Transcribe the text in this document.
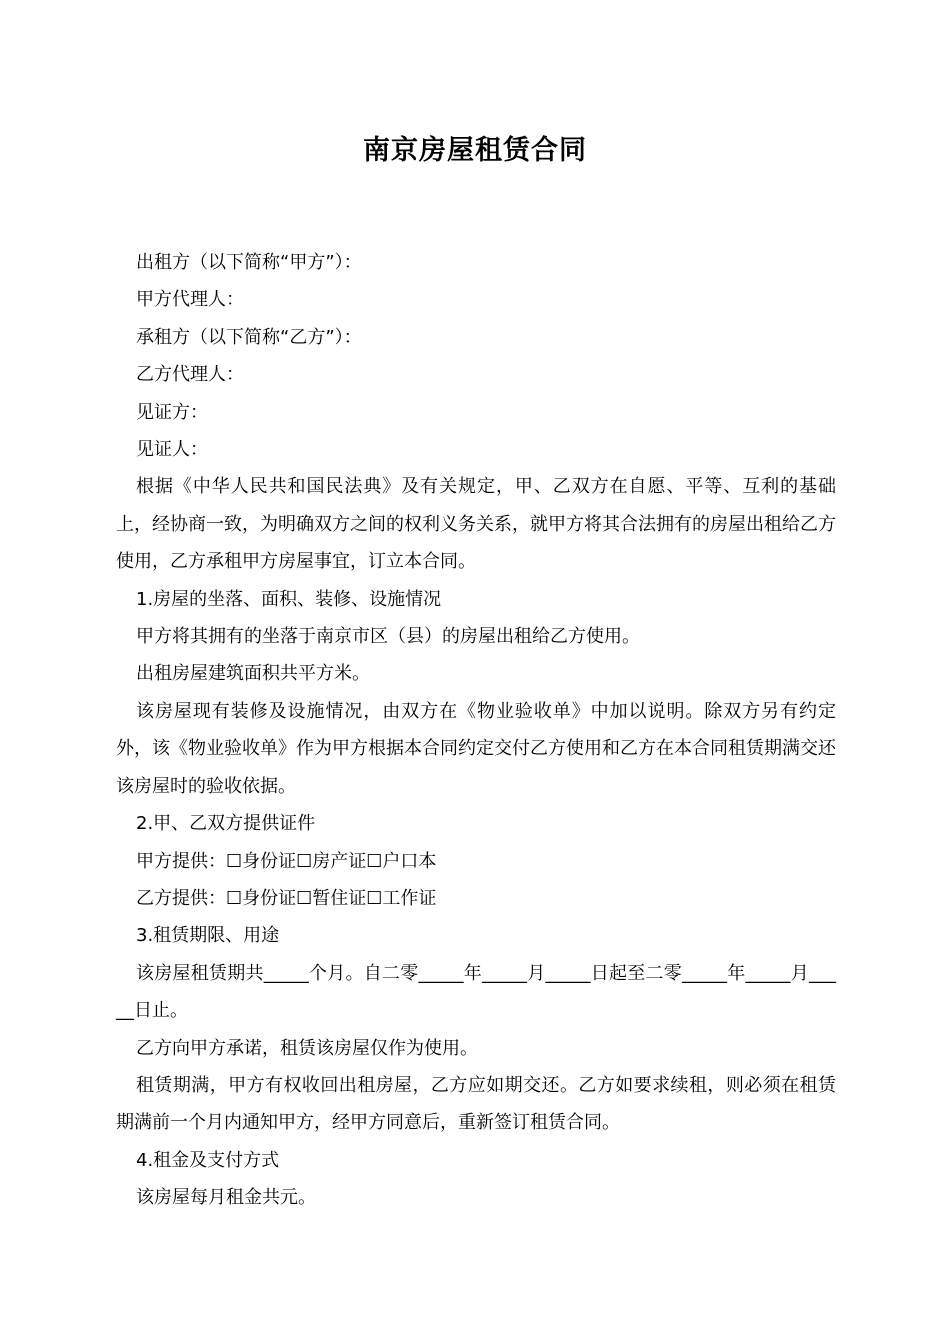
南京房屋租赁合同

出租方（以下简称“甲方”）：

甲方代理人：

承租方（以下简称“乙方”）：

乙方代理人：

见证方：

见证人：

根据《中华人民共和国民法典》及有关规定，甲、乙双方在自愿、平等、互利的基础上，经协商一致，为明确双方之间的权利义务关系，就甲方将其合法拥有的房屋出租给乙方使用，乙方承租甲方房屋事宜，订立本合同。

1.房屋的坐落、面积、装修、设施情况

甲方将其拥有的坐落于南京市区（县）的房屋出租给乙方使用。

出租房屋建筑面积共平方米。

该房屋现有装修及设施情况，由双方在《物业验收单》中加以说明。除双方另有约定外，该《物业验收单》作为甲方根据本合同约定交付乙方使用和乙方在本合同租赁期满交还该房屋时的验收依据。

2.甲、乙双方提供证件

甲方提供：☐身份证☐房产证☐户口本

乙方提供：☐身份证☐暂住证☐工作证

3.租赁期限、用途

该房屋租赁期共_____个月。自二零_____年_____月_____日起至二零_____年_____月_____日止。

乙方向甲方承诺，租赁该房屋仅作为使用。

租赁期满，甲方有权收回出租房屋，乙方应如期交还。乙方如要求续租，则必须在租赁期满前一个月内通知甲方，经甲方同意后，重新签订租赁合同。

4.租金及支付方式

该房屋每月租金共元。
